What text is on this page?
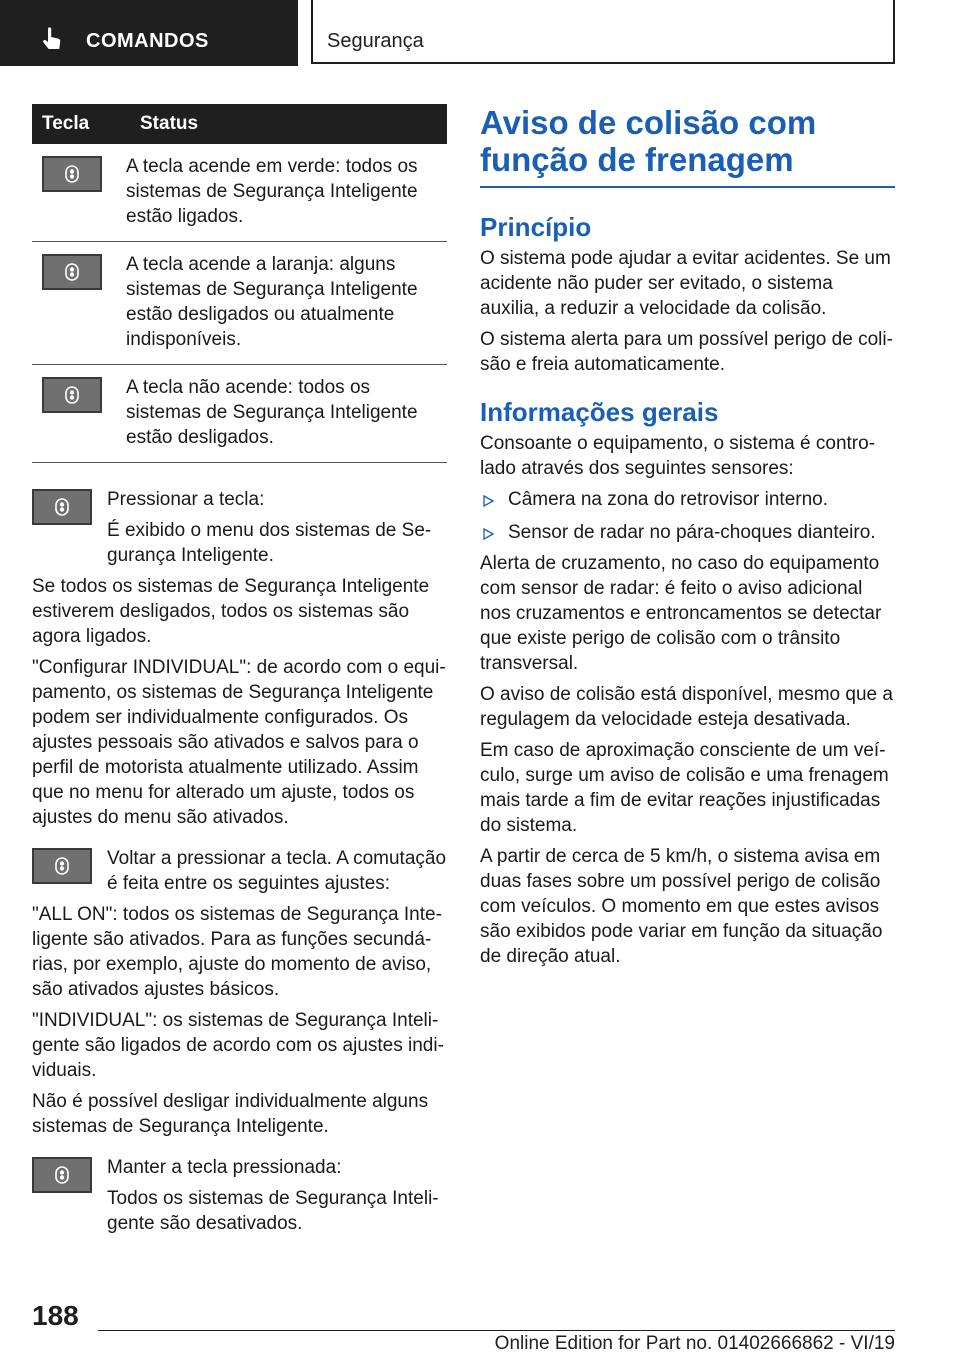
COMANDOS	Segurança
Tecla	Status

	A tecla acende em verde: todos os sistemas de Segurança Inteligente estão ligados.

	A tecla acende a laranja: alguns sistemas de Segurança Inteligente estão desligados ou atualmente indisponíveis.

	A tecla não acende: todos os sistemas de Segurança Inteligente estão desligados.

Pressionar a tecla:

É exibido o menu dos sistemas de Segurança Inteligente.

Se todos os sistemas de Segurança Inteligente estiverem desligados, todos os sistemas são agora ligados.

"Configurar INDIVIDUAL": de acordo com o equipamento, os sistemas de Segurança Inteligente podem ser individualmente configurados. Os ajustes pessoais são ativados e salvos para o perfil de motorista atualmente utilizado. Assim que no menu for alterado um ajuste, todos os ajustes do menu são ativados.

Voltar a pressionar a tecla. A comutação é feita entre os seguintes ajustes:

"ALL ON": todos os sistemas de Segurança Inteligente são ativados. Para as funções secundárias, por exemplo, ajuste do momento de aviso, são ativados ajustes básicos.

"INDIVIDUAL": os sistemas de Segurança Inteligente são ligados de acordo com os ajustes individuais.

Não é possível desligar individualmente alguns sistemas de Segurança Inteligente.

Manter a tecla pressionada:

Todos os sistemas de Segurança Inteligente são desativados.

Aviso de colisão com função de frenagem
Princípio

O sistema pode ajudar a evitar acidentes. Se um acidente não puder ser evitado, o sistema auxilia, a reduzir a velocidade da colisão.

O sistema alerta para um possível perigo de colisão e freia automaticamente.

Informações gerais

Consoante o equipamento, o sistema é controlado através dos seguintes sensores:

Câmera na zona do retrovisor interno.
Sensor de radar no pára-choques dianteiro.

Alerta de cruzamento, no caso do equipamento com sensor de radar: é feito o aviso adicional nos cruzamentos e entroncamentos se detectar que existe perigo de colisão com o trânsito transversal.

O aviso de colisão está disponível, mesmo que a regulagem da velocidade esteja desativada.

Em caso de aproximação consciente de um veículo, surge um aviso de colisão e uma frenagem mais tarde a fim de evitar reações injustificadas do sistema.

A partir de cerca de 5 km/h, o sistema avisa em duas fases sobre um possível perigo de colisão com veículos. O momento em que estes avisos são exibidos pode variar em função da situação de direção atual.

188
Online Edition for Part no. 01402666862 - VI/19
